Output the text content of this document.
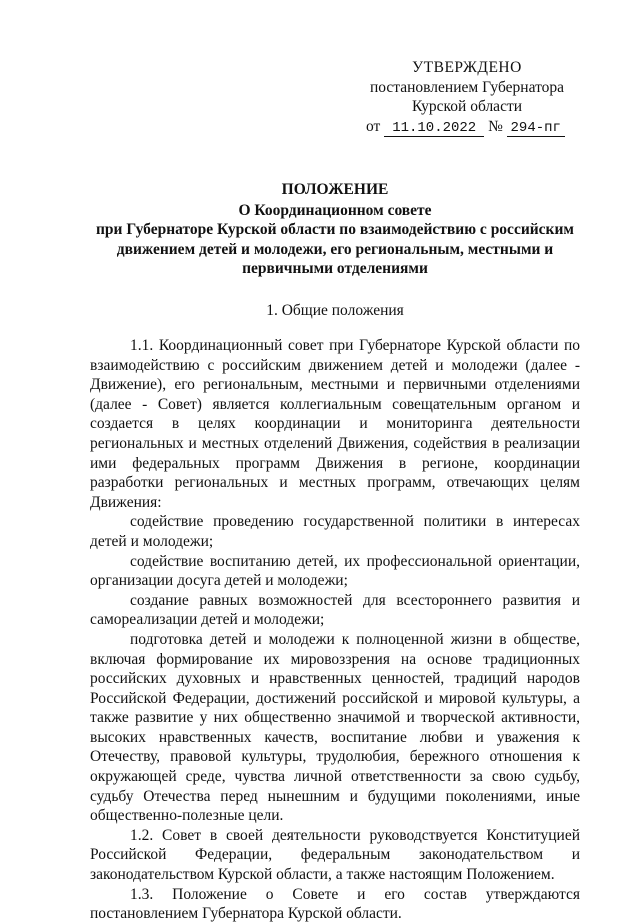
УТВЕРЖДЕНО
постановлением Губернатора
Курской области
от 11.10.2022 № 294-пг
ПОЛОЖЕНИЕ
О Координационном совете
при Губернаторе Курской области по взаимодействию с российским
движением детей и молодежи, его региональным, местными и
первичными отделениями
1. Общие положения

1.1. Координационный совет при Губернаторе Курской области по взаимодействию с российским движением детей и молодежи (далее - Движение), его региональным, местными и первичными отделениями (далее - Совет) является коллегиальным совещательным органом и создается в целях координации и мониторинга деятельности региональных и местных отделений Движения, содействия в реализации ими федеральных программ Движения в регионе, координации разработки региональных и местных программ, отвечающих целям Движения:

содействие проведению государственной политики в интересах детей и молодежи;

содействие воспитанию детей, их профессиональной ориентации, организации досуга детей и молодежи;

создание равных возможностей для всестороннего развития и самореализации детей и молодежи;

подготовка детей и молодежи к полноценной жизни в обществе, включая формирование их мировоззрения на основе традиционных российских духовных и нравственных ценностей, традиций народов Российской Федерации, достижений российской и мировой культуры, а также развитие у них общественно значимой и творческой активности, высоких нравственных качеств, воспитание любви и уважения к Отечеству, правовой культуры, трудолюбия, бережного отношения к окружающей среде, чувства личной ответственности за свою судьбу, судьбу Отечества перед нынешним и будущими поколениями, иные общественно-полезные цели.

1.2. Совет в своей деятельности руководствуется Конституцией Российской Федерации, федеральным законодательством и законодательством Курской области, а также настоящим Положением.

1.3. Положение о Совете и его состав утверждаются постановлением Губернатора Курской области.
